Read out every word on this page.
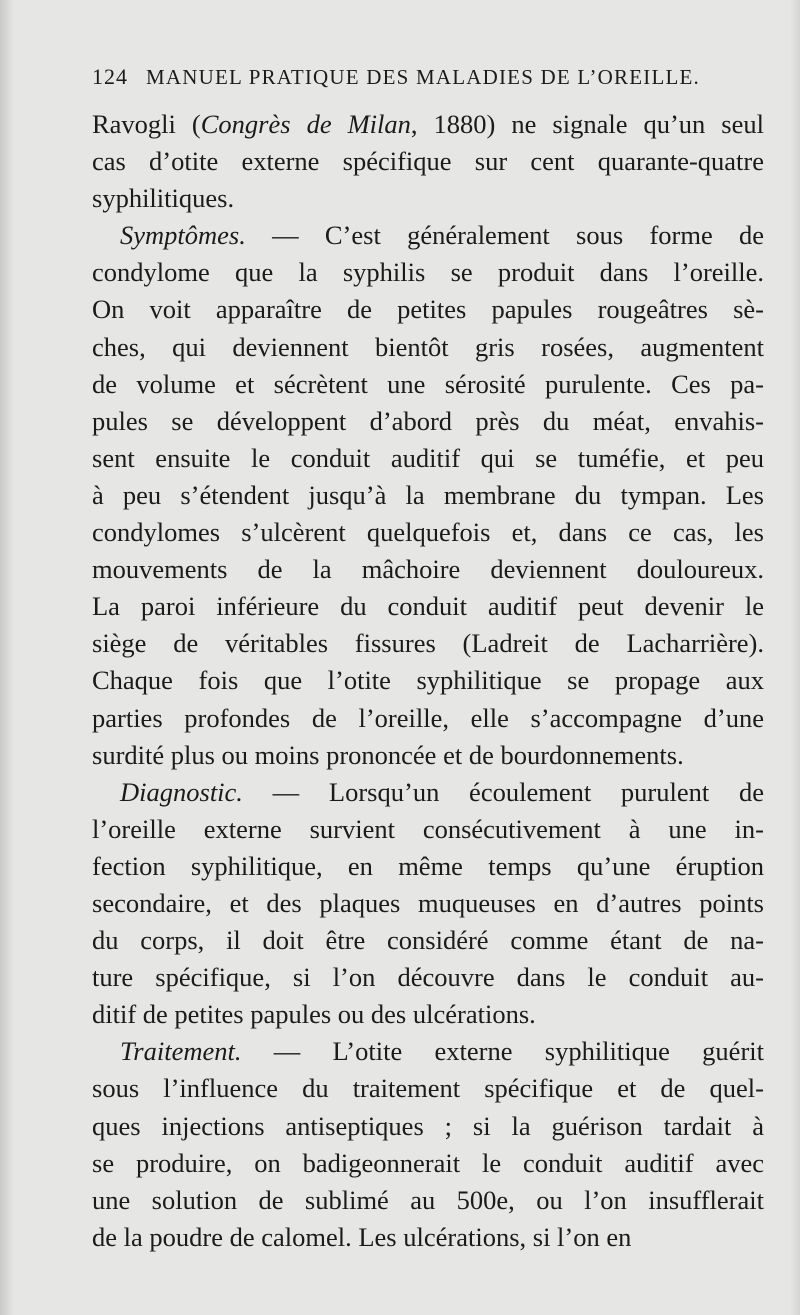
124 MANUEL PRATIQUE DES MALADIES DE L’OREILLE.
Ravogli (Congrès de Milan, 1880) ne signale qu’un seul
cas d’otite externe spécifique sur cent quarante-quatre
syphilitiques.
Symptômes. — C’est généralement sous forme de
condylome que la syphilis se produit dans l’oreille.
On voit apparaître de petites papules rougeâtres sè-
ches, qui deviennent bientôt gris rosées, augmentent
de volume et sécrètent une sérosité purulente. Ces pa-
pules se développent d’abord près du méat, envahis-
sent ensuite le conduit auditif qui se tuméfie, et peu
à peu s’étendent jusqu’à la membrane du tympan. Les
condylomes s’ulcèrent quelquefois et, dans ce cas, les
mouvements de la mâchoire deviennent douloureux.
La paroi inférieure du conduit auditif peut devenir le
siège de véritables fissures (Ladreit de Lacharrière).
Chaque fois que l’otite syphilitique se propage aux
parties profondes de l’oreille, elle s’accompagne d’une
surdité plus ou moins prononcée et de bourdonnements.
Diagnostic. — Lorsqu’un écoulement purulent de
l’oreille externe survient consécutivement à une in-
fection syphilitique, en même temps qu’une éruption
secondaire, et des plaques muqueuses en d’autres points
du corps, il doit être considéré comme étant de na-
ture spécifique, si l’on découvre dans le conduit au-
ditif de petites papules ou des ulcérations.
Traitement. — L’otite externe syphilitique guérit
sous l’influence du traitement spécifique et de quel-
ques injections antiseptiques ; si la guérison tardait à
se produire, on badigeonnerait le conduit auditif avec
une solution de sublimé au 500e, ou l’on insufflerait
de la poudre de calomel. Les ulcérations, si l’on en
